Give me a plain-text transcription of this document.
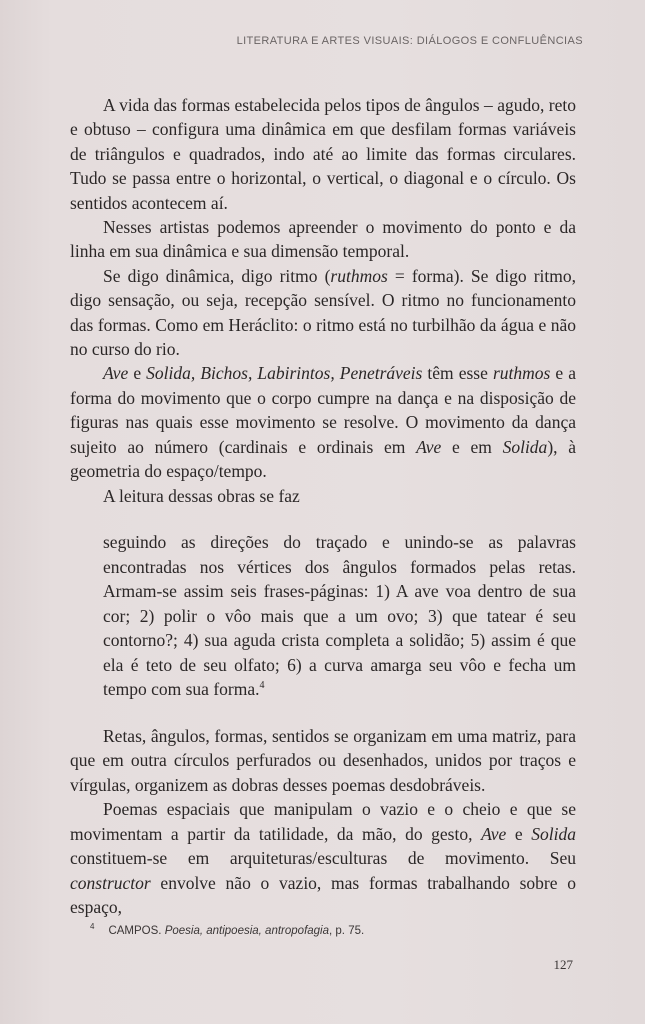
LITERATURA E ARTES VISUAIS: DIÁLOGOS E CONFLUÊNCIAS

A vida das formas estabelecida pelos tipos de ângulos – agudo, reto e obtuso – configura uma dinâmica em que desfilam formas variáveis de triângulos e quadrados, indo até ao limite das formas circulares. Tudo se passa entre o horizontal, o vertical, o diagonal e o círculo. Os sentidos acontecem aí.

Nesses artistas podemos apreender o movimento do ponto e da linha em sua dinâmica e sua dimensão temporal.

Se digo dinâmica, digo ritmo (ruthmos = forma). Se digo ritmo, digo sensação, ou seja, recepção sensível. O ritmo no funcionamento das formas. Como em Heráclito: o ritmo está no turbilhão da água e não no curso do rio.

Ave e Solida, Bichos, Labirintos, Penetráveis têm esse ruthmos e a forma do movimento que o corpo cumpre na dança e na disposição de figuras nas quais esse movimento se resolve. O movimento da dança sujeito ao número (cardinais e ordinais em Ave e em Solida), à geometria do espaço/tempo.

A leitura dessas obras se faz

seguindo as direções do traçado e unindo-se as palavras encontradas nos vértices dos ângulos formados pelas retas. Armam-se assim seis frases-páginas: 1) A ave voa dentro de sua cor; 2) polir o vôo mais que a um ovo; 3) que tatear é seu contorno?; 4) sua aguda crista completa a solidão; 5) assim é que ela é teto de seu olfato; 6) a curva amarga seu vôo e fecha um tempo com sua forma.$^4$

Retas, ângulos, formas, sentidos se organizam em uma matriz, para que em outra círculos perfurados ou desenhados, unidos por traços e vírgulas, organizem as dobras desses poemas desdobráveis.

Poemas espaciais que manipulam o vazio e o cheio e que se movimentam a partir da tatilidade, da mão, do gesto, Ave e Solida constituem-se em arquiteturas/esculturas de movimento. Seu constructor envolve não o vazio, mas formas trabalhando sobre o espaço,

$^4$ CAMPOS. Poesia, antipoesia, antropofagia, p. 75.
127
